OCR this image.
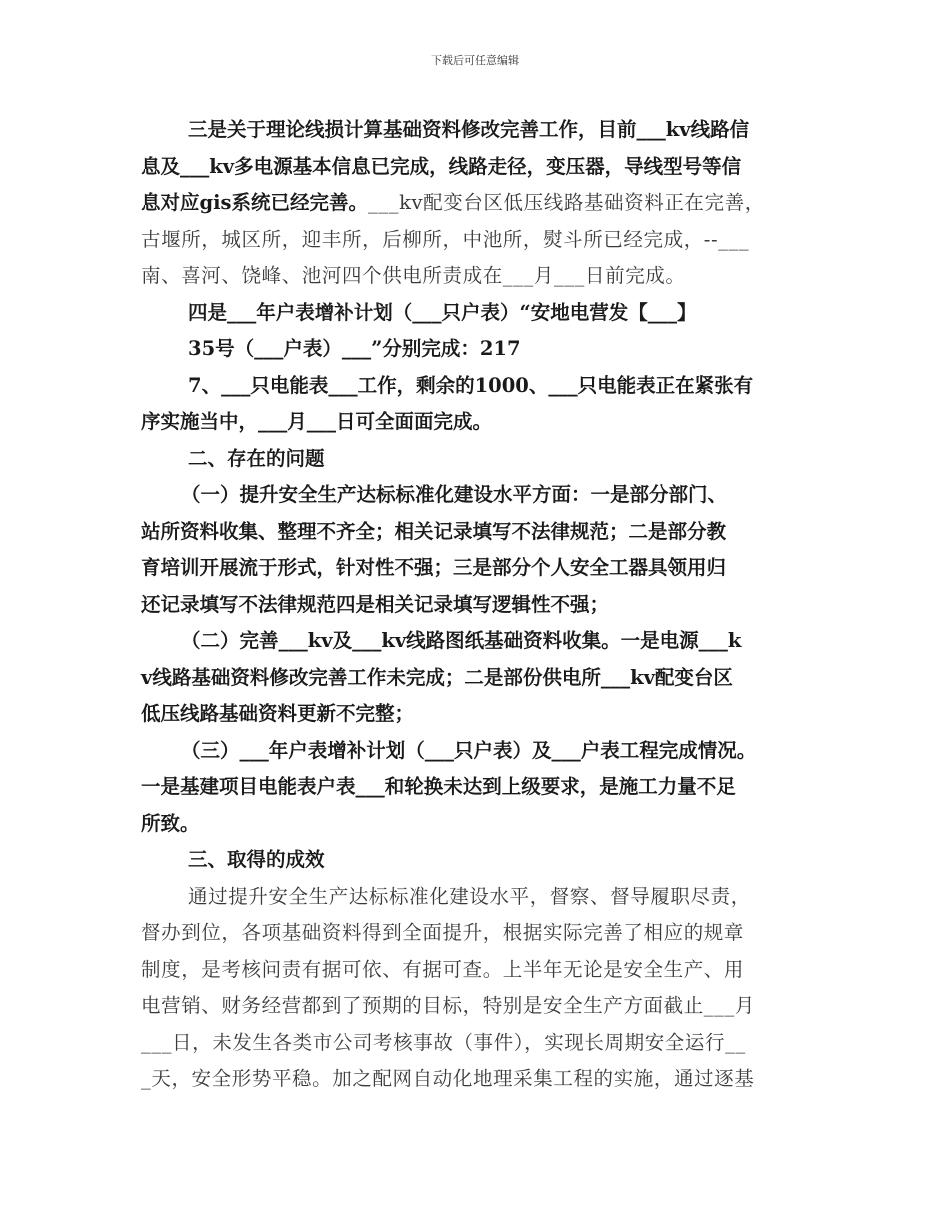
下载后可任意编辑
三是关于理论线损计算基础资料修改完善工作，目前___kv线路信
息及___kv多电源基本信息已完成，线路走径，变压器，导线型号等信
息对应gis系统已经完善。___kv配变台区低压线路基础资料正在完善，
古堰所，城区所，迎丰所，后柳所，中池所，熨斗所已经完成，--___
南、喜河、饶峰、池河四个供电所责成在___月___日前完成。
四是___年户表增补计划（___只户表）“安地电营发【___】
35号（___户表）___”分别完成：217
7、___只电能表___工作，剩余的1000、___只电能表正在紧张有
序实施当中，___月___日可全面面完成。
二、存在的问题
（一）提升安全生产达标标准化建设水平方面：一是部分部门、
站所资料收集、整理不齐全；相关记录填写不法律规范；二是部分教
育培训开展流于形式，针对性不强；三是部分个人安全工器具领用归
还记录填写不法律规范四是相关记录填写逻辑性不强；
（二）完善___kv及___kv线路图纸基础资料收集。一是电源___k
v线路基础资料修改完善工作未完成；二是部份供电所___kv配变台区
低压线路基础资料更新不完整；
（三）___年户表增补计划（___只户表）及___户表工程完成情况。
一是基建项目电能表户表___和轮换未达到上级要求，是施工力量不足
所致。
三、取得的成效
通过提升安全生产达标标准化建设水平，督察、督导履职尽责，
督办到位，各项基础资料得到全面提升，根据实际完善了相应的规章
制度，是考核问责有据可依、有据可查。上半年无论是安全生产、用
电营销、财务经营都到了预期的目标，特别是安全生产方面截止___月
___日，未发生各类市公司考核事故（事件），实现长周期安全运行__
_天，安全形势平稳。加之配网自动化地理采集工程的实施，通过逐基
